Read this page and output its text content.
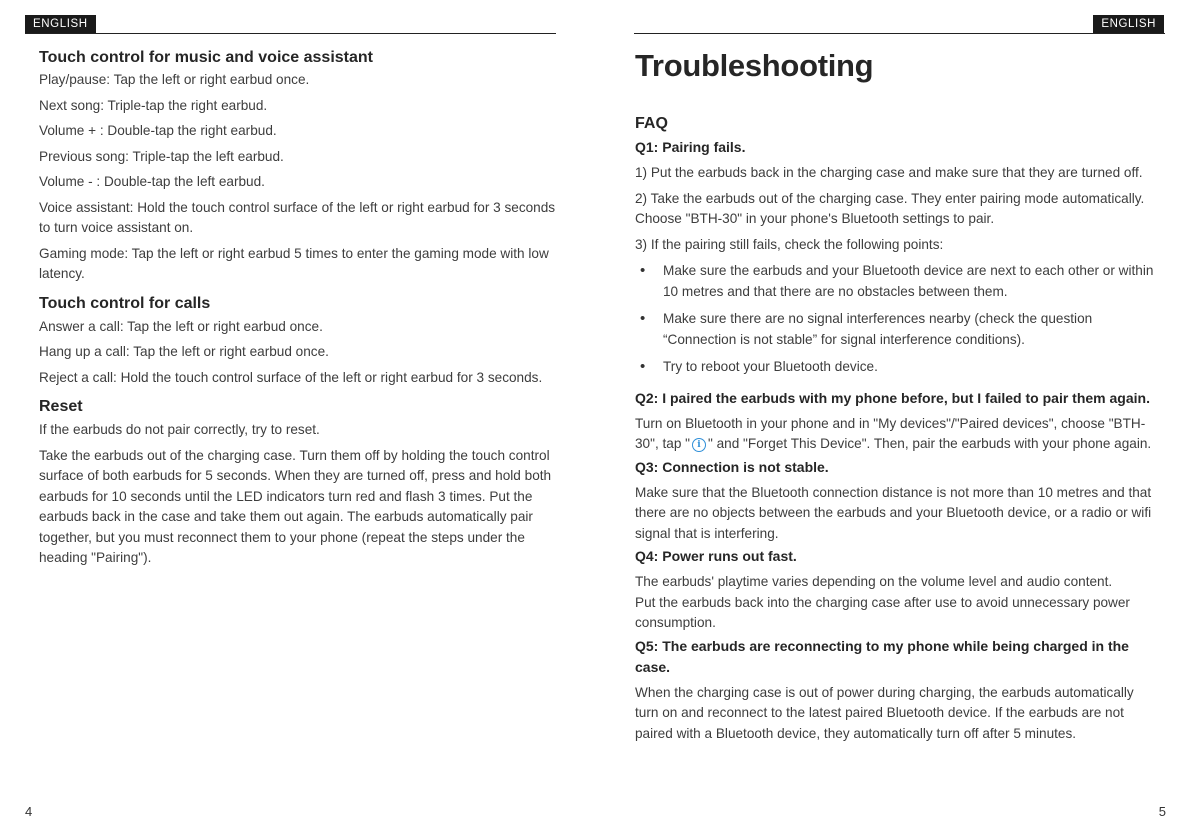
ENGLISH	ENGLISH
Touch control for music and voice assistant

Play/pause: Tap the left or right earbud once.

Next song: Triple-tap the right earbud.

Volume + : Double-tap the right earbud.

Previous song: Triple-tap the left earbud.

Volume - : Double-tap the left earbud.

Voice assistant: Hold the touch control surface of the left or right earbud for 3 seconds to turn voice assistant on.

Gaming mode: Tap the left or right earbud 5 times to enter the gaming mode with low latency.

Touch control for calls

Answer a call: Tap the left or right earbud once.

Hang up a call: Tap the left or right earbud once.

Reject a call: Hold the touch control surface of the left or right earbud for 3 seconds.

Reset

If the earbuds do not pair correctly, try to reset.

Take the earbuds out of the charging case. Turn them off by holding the touch control surface of both earbuds for 5 seconds. When they are turned off, press and hold both earbuds for 10 seconds until the LED indicators turn red and flash 3 times. Put the earbuds back in the case and take them out again. The earbuds automatically pair together, but you must reconnect them to your phone (repeat the steps under the heading "Pairing").

Troubleshooting
FAQ
Q1: Pairing fails.

1) Put the earbuds back in the charging case and make sure that they are turned off.

2) Take the earbuds out of the charging case. They enter pairing mode automatically. Choose "BTH-30" in your phone's Bluetooth settings to pair.

3) If the pairing still fails, check the following points:

• Make sure the earbuds and your Bluetooth device are next to each other or within 10 metres and that there are no obstacles between them.
• Make sure there are no signal interferences nearby (check the question “Connection is not stable” for signal interference conditions).
• Try to reboot your Bluetooth device.
Q2: I paired the earbuds with my phone before, but I failed to pair them again.

Turn on Bluetooth in your phone and in "My devices"/"Paired devices", choose "BTH-30", tap " i " and "Forget This Device". Then, pair the earbuds with your phone again.

Q3: Connection is not stable.

Make sure that the Bluetooth connection distance is not more than 10 metres and that there are no objects between the earbuds and your Bluetooth device, or a radio or wifi signal that is interfering.

Q4: Power runs out fast.

The earbuds' playtime varies depending on the volume level and audio content.

Put the earbuds back into the charging case after use to avoid unnecessary power consumption.

Q5: The earbuds are reconnecting to my phone while being charged in the case.

When the charging case is out of power during charging, the earbuds automatically turn on and reconnect to the latest paired Bluetooth device. If the earbuds are not paired with a Bluetooth device, they automatically turn off after 5 minutes.

4	5
